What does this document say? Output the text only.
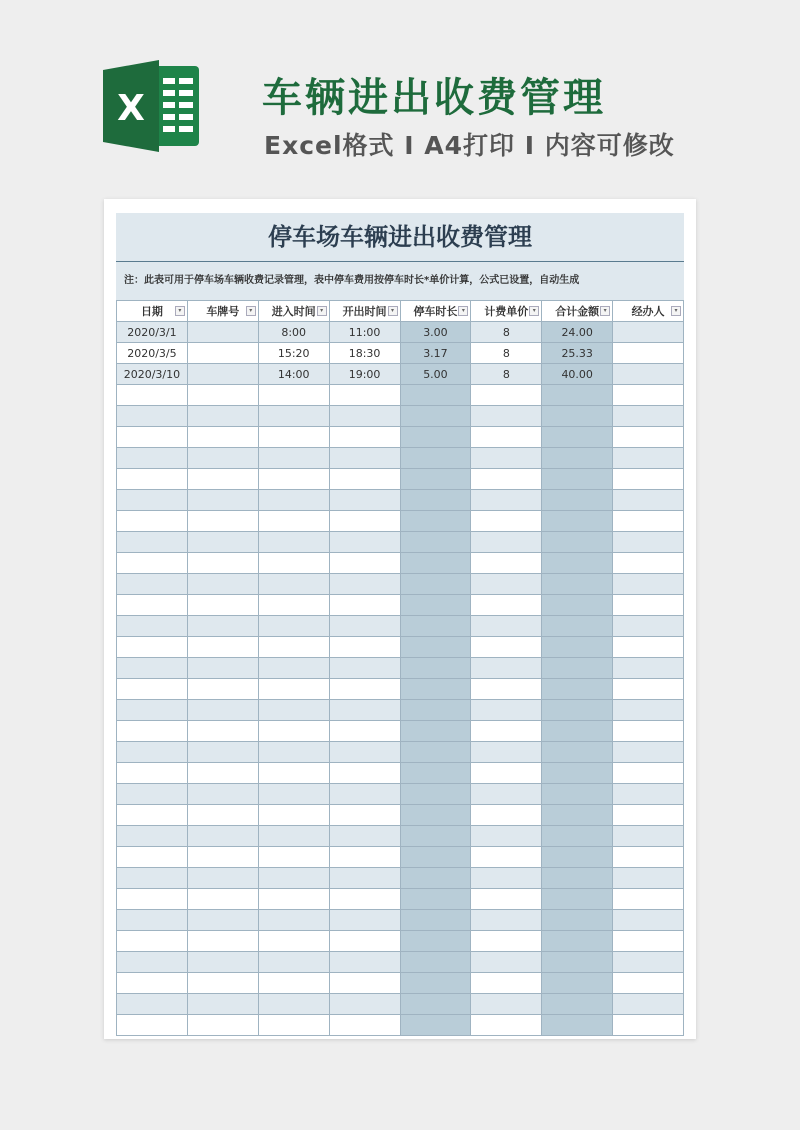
X	车辆进出收费管理
Excel格式 I A4打印 I 内容可修改
停车场车辆进出收费管理
注：此表可用于停车场车辆收费记录管理，表中停车费用按停车时长*单价计算，公式已设置，自动生成
日期 ▾	车牌号 ▾	进入时间 ▾	开出时间 ▾	停车时长 ▾	计费单价 ▾	合计金额 ▾	经办人 ▾

2020/3/1		8:00	11:00	3.00	8	24.00	
2020/3/5		15:20	18:30	3.17	8	25.33	
2020/3/10		14:00	19:00	5.00	8	40.00	
